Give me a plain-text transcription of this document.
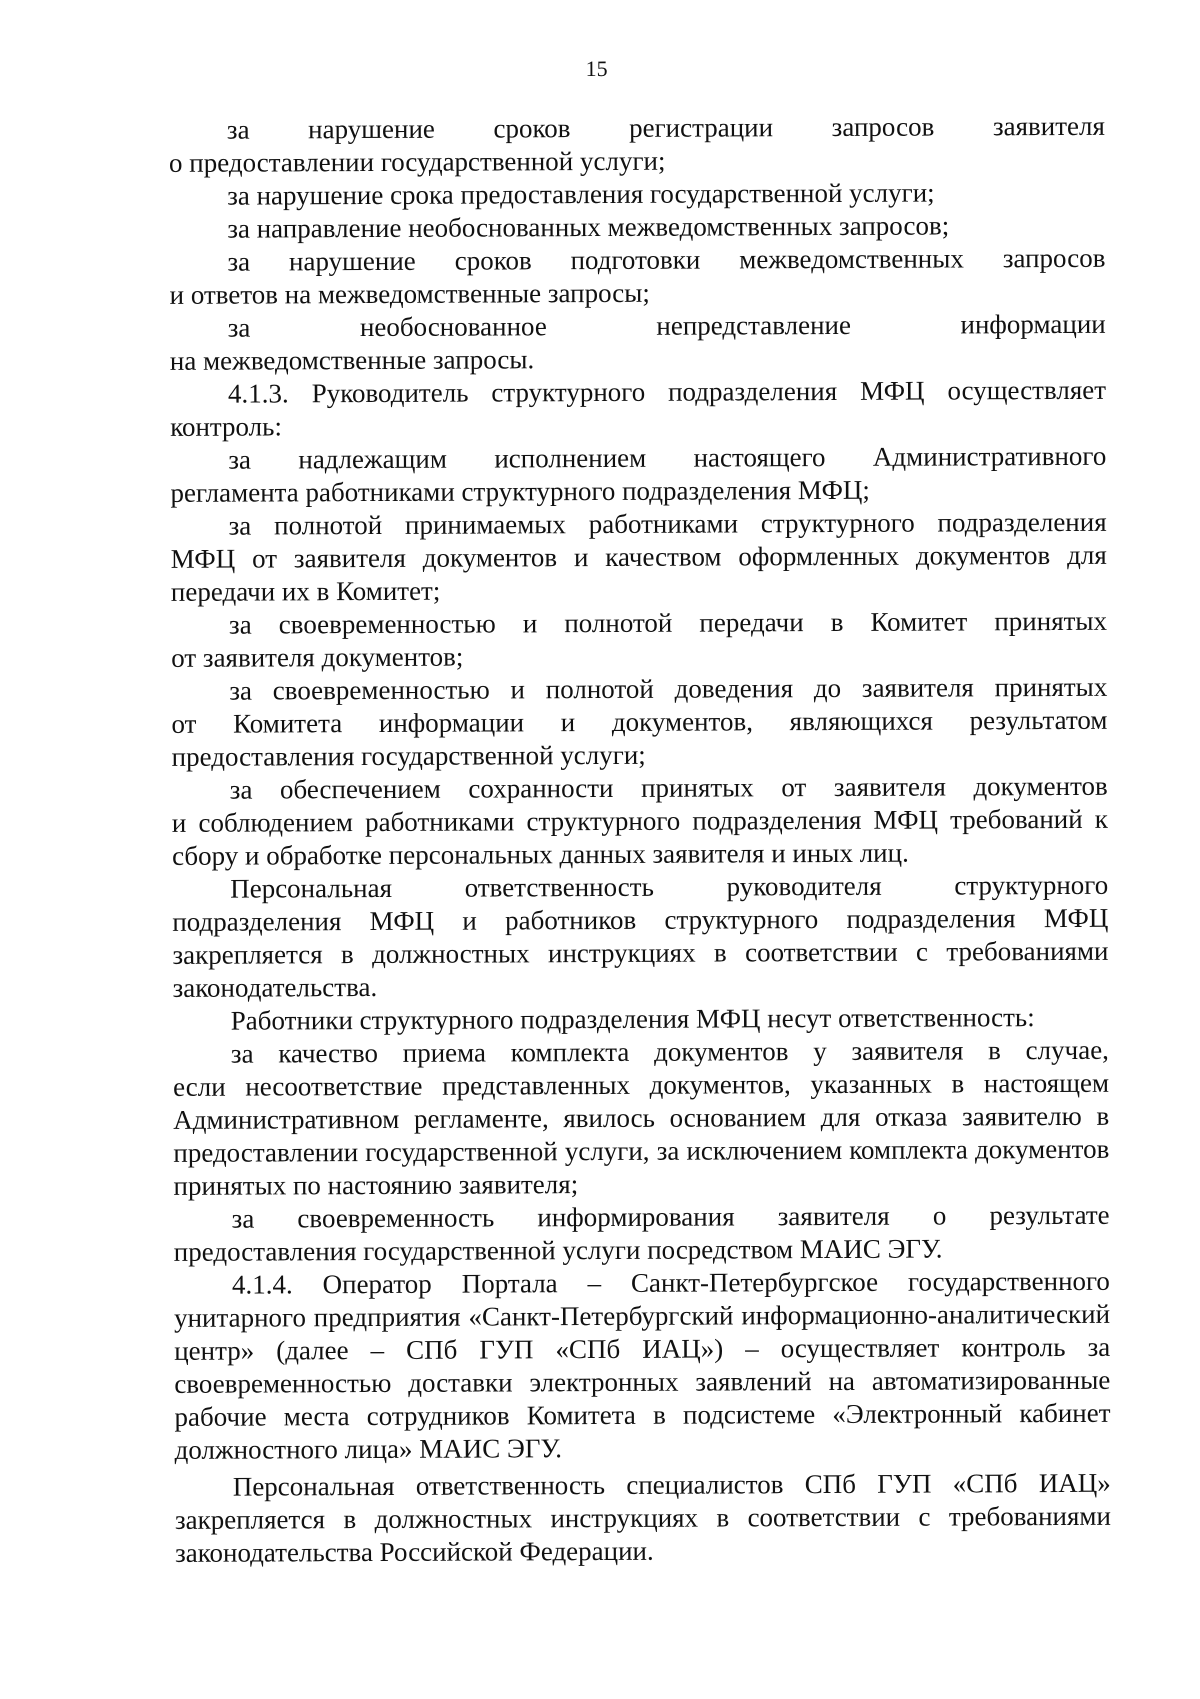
15
за нарушение сроков регистрации запросов заявителя
о предоставлении государственной услуги;
за нарушение срока предоставления государственной услуги;
за направление необоснованных межведомственных запросов;
за нарушение сроков подготовки межведомственных запросов
и ответов на межведомственные запросы;
за необоснованное непредставление информации
на межведомственные запросы.
4.1.3. Руководитель структурного подразделения МФЦ осуществляет
контроль:
за надлежащим исполнением настоящего Административного
регламента работниками структурного подразделения МФЦ;
за полнотой принимаемых работниками структурного подразделения
МФЦ от заявителя документов и качеством оформленных документов для передачи их в Комитет;
за своевременностью и полнотой передачи в Комитет принятых
от заявителя документов;
за своевременностью и полнотой доведения до заявителя принятых
от Комитета информации и документов, являющихся результатом предоставления государственной услуги;
за обеспечением сохранности принятых от заявителя документов
и соблюдением работниками структурного подразделения МФЦ требований к сбору и обработке персональных данных заявителя и иных лиц.
Персональная ответственность руководителя структурного
подразделения МФЦ и работников структурного подразделения МФЦ закрепляется в должностных инструкциях в соответствии с требованиями законодательства.
Работники структурного подразделения МФЦ несут ответственность:
за качество приема комплекта документов у заявителя в случае,
если несоответствие представленных документов, указанных в настоящем Административном регламенте, явилось основанием для отказа заявителю в предоставлении государственной услуги, за исключением комплекта документов принятых по настоянию заявителя;
за своевременность информирования заявителя о результате
предоставления государственной услуги посредством МАИС ЭГУ.
4.1.4. Оператор Портала – Санкт-Петербургское государственного
унитарного предприятия «Санкт-Петербургский информационно-аналитический центр» (далее – СПб ГУП «СПб ИАЦ») – осуществляет контроль за своевременностью доставки электронных заявлений на автоматизированные рабочие места сотрудников Комитета в подсистеме «Электронный кабинет должностного лица» МАИС ЭГУ.
Персональная ответственность специалистов СПб ГУП «СПб ИАЦ»
закрепляется в должностных инструкциях в соответствии с требованиями законодательства Российской Федерации.
